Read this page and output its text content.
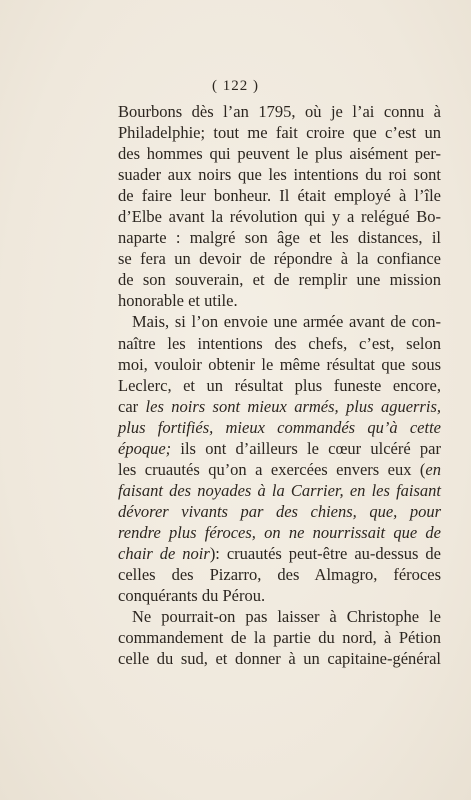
( 122 )
Bourbons dès l’an 1795, où je l’ai connu à
Philadelphie; tout me fait croire que c’est un
des hommes qui peuvent le plus aisément per-
suader aux noirs que les intentions du roi sont
de faire leur bonheur. Il était employé à l’île
d’Elbe avant la révolution qui y a relégué Bo-
naparte : malgré son âge et les distances, il
se fera un devoir de répondre à la confiance
de son souverain, et de remplir une mission
honorable et utile.
Mais, si l’on envoie une armée avant de con-
naître les intentions des chefs, c’est, selon
moi, vouloir obtenir le même résultat que sous
Leclerc, et un résultat plus funeste encore,
car les noirs sont mieux armés, plus aguerris,
plus fortifiés, mieux commandés qu’à cette
époque; ils ont d’ailleurs le cœur ulcéré par
les cruautés qu’on a exercées envers eux (en
faisant des noyades à la Carrier, en les faisant
dévorer vivants par des chiens, que, pour
rendre plus féroces, on ne nourrissait que de
chair de noir): cruautés peut-être au-dessus de
celles des Pizarro, des Almagro, féroces
conquérants du Pérou.
Ne pourrait-on pas laisser à Christophe le
commandement de la partie du nord, à Pétion
celle du sud, et donner à un capitaine-général
